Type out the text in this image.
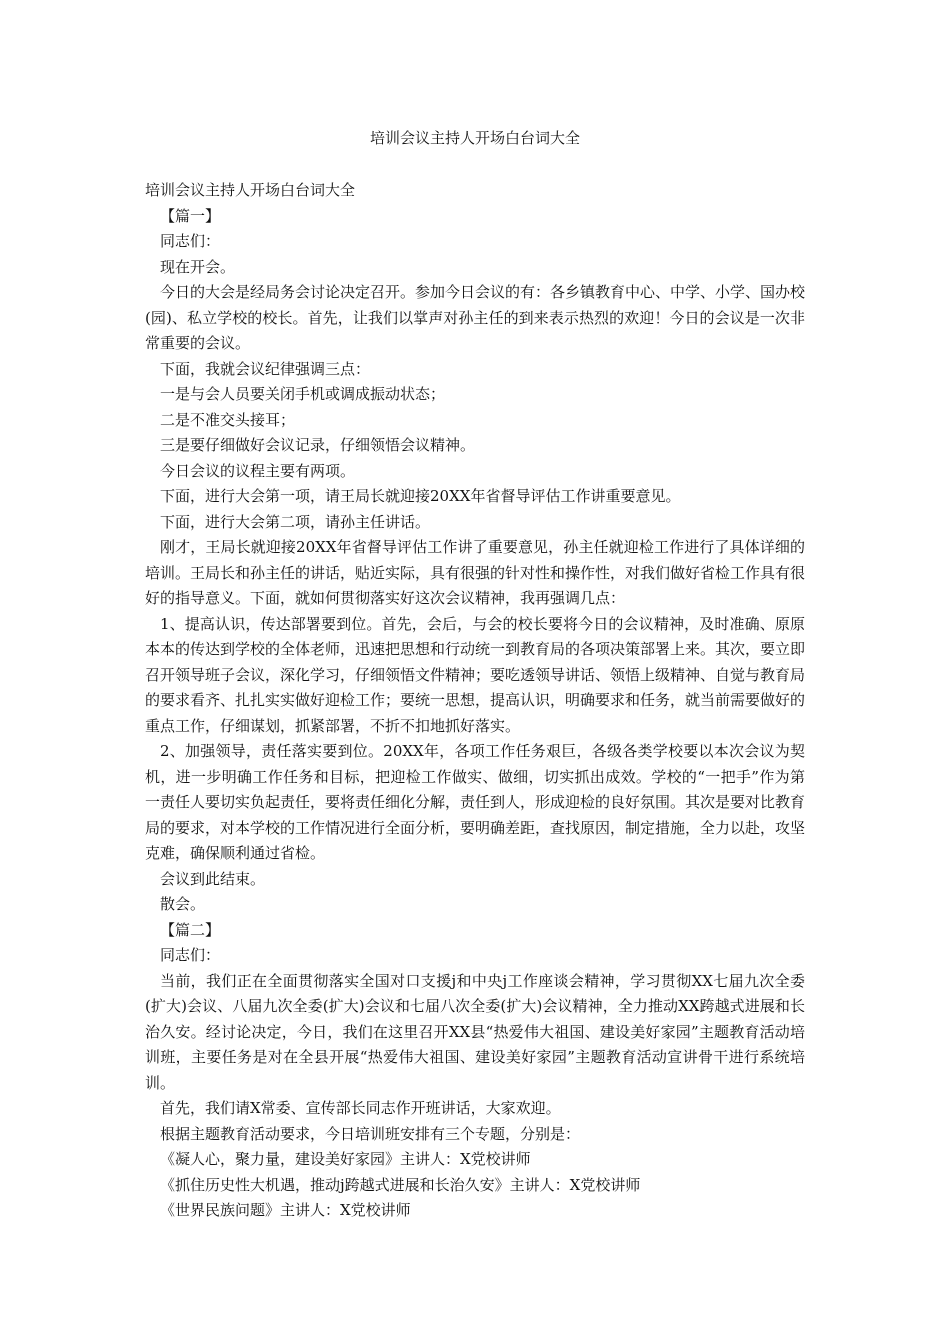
培训会议主持人开场白台词大全

培训会议主持人开场白台词大全

【篇一】

同志们：

现在开会。

今日的大会是经局务会讨论决定召开。参加今日会议的有：各乡镇教育中心、中学、小学、国办校(园)、私立学校的校长。首先，让我们以掌声对孙主任的到来表示热烈的欢迎！今日的会议是一次非常重要的会议。

下面，我就会议纪律强调三点：

一是与会人员要关闭手机或调成振动状态；

二是不准交头接耳；

三是要仔细做好会议记录，仔细领悟会议精神。

今日会议的议程主要有两项。

下面，进行大会第一项，请王局长就迎接20XX年省督导评估工作讲重要意见。

下面，进行大会第二项，请孙主任讲话。

刚才，王局长就迎接20XX年省督导评估工作讲了重要意见，孙主任就迎检工作进行了具体详细的培训。王局长和孙主任的讲话，贴近实际，具有很强的针对性和操作性，对我们做好省检工作具有很好的指导意义。下面，就如何贯彻落实好这次会议精神，我再强调几点：

1、提高认识，传达部署要到位。首先，会后，与会的校长要将今日的会议精神，及时准确、原原本本的传达到学校的全体老师，迅速把思想和行动统一到教育局的各项决策部署上来。其次，要立即召开领导班子会议，深化学习，仔细领悟文件精神；要吃透领导讲话、领悟上级精神、自觉与教育局的要求看齐、扎扎实实做好迎检工作；要统一思想，提高认识，明确要求和任务，就当前需要做好的重点工作，仔细谋划，抓紧部署，不折不扣地抓好落实。

2、加强领导，责任落实要到位。20XX年，各项工作任务艰巨，各级各类学校要以本次会议为契机，进一步明确工作任务和目标，把迎检工作做实、做细，切实抓出成效。学校的“一把手”作为第一责任人要切实负起责任，要将责任细化分解，责任到人，形成迎检的良好氛围。其次是要对比教育局的要求，对本学校的工作情况进行全面分析，要明确差距，查找原因，制定措施，全力以赴，攻坚克难，确保顺利通过省检。

会议到此结束。

散会。

【篇二】

同志们：

当前，我们正在全面贯彻落实全国对口支援j和中央j工作座谈会精神，学习贯彻XX七届九次全委(扩大)会议、八届九次全委(扩大)会议和七届八次全委(扩大)会议精神，全力推动XX跨越式进展和长治久安。经讨论决定，今日，我们在这里召开XX县“热爱伟大祖国、建设美好家园”主题教育活动培训班，主要任务是对在全县开展“热爱伟大祖国、建设美好家园”主题教育活动宣讲骨干进行系统培训。

首先，我们请X常委、宣传部长同志作开班讲话，大家欢迎。

根据主题教育活动要求，今日培训班安排有三个专题，分别是：

《凝人心，聚力量，建设美好家园》主讲人：X党校讲师

《抓住历史性大机遇，推动j跨越式进展和长治久安》主讲人：X党校讲师

《世界民族问题》主讲人：X党校讲师
